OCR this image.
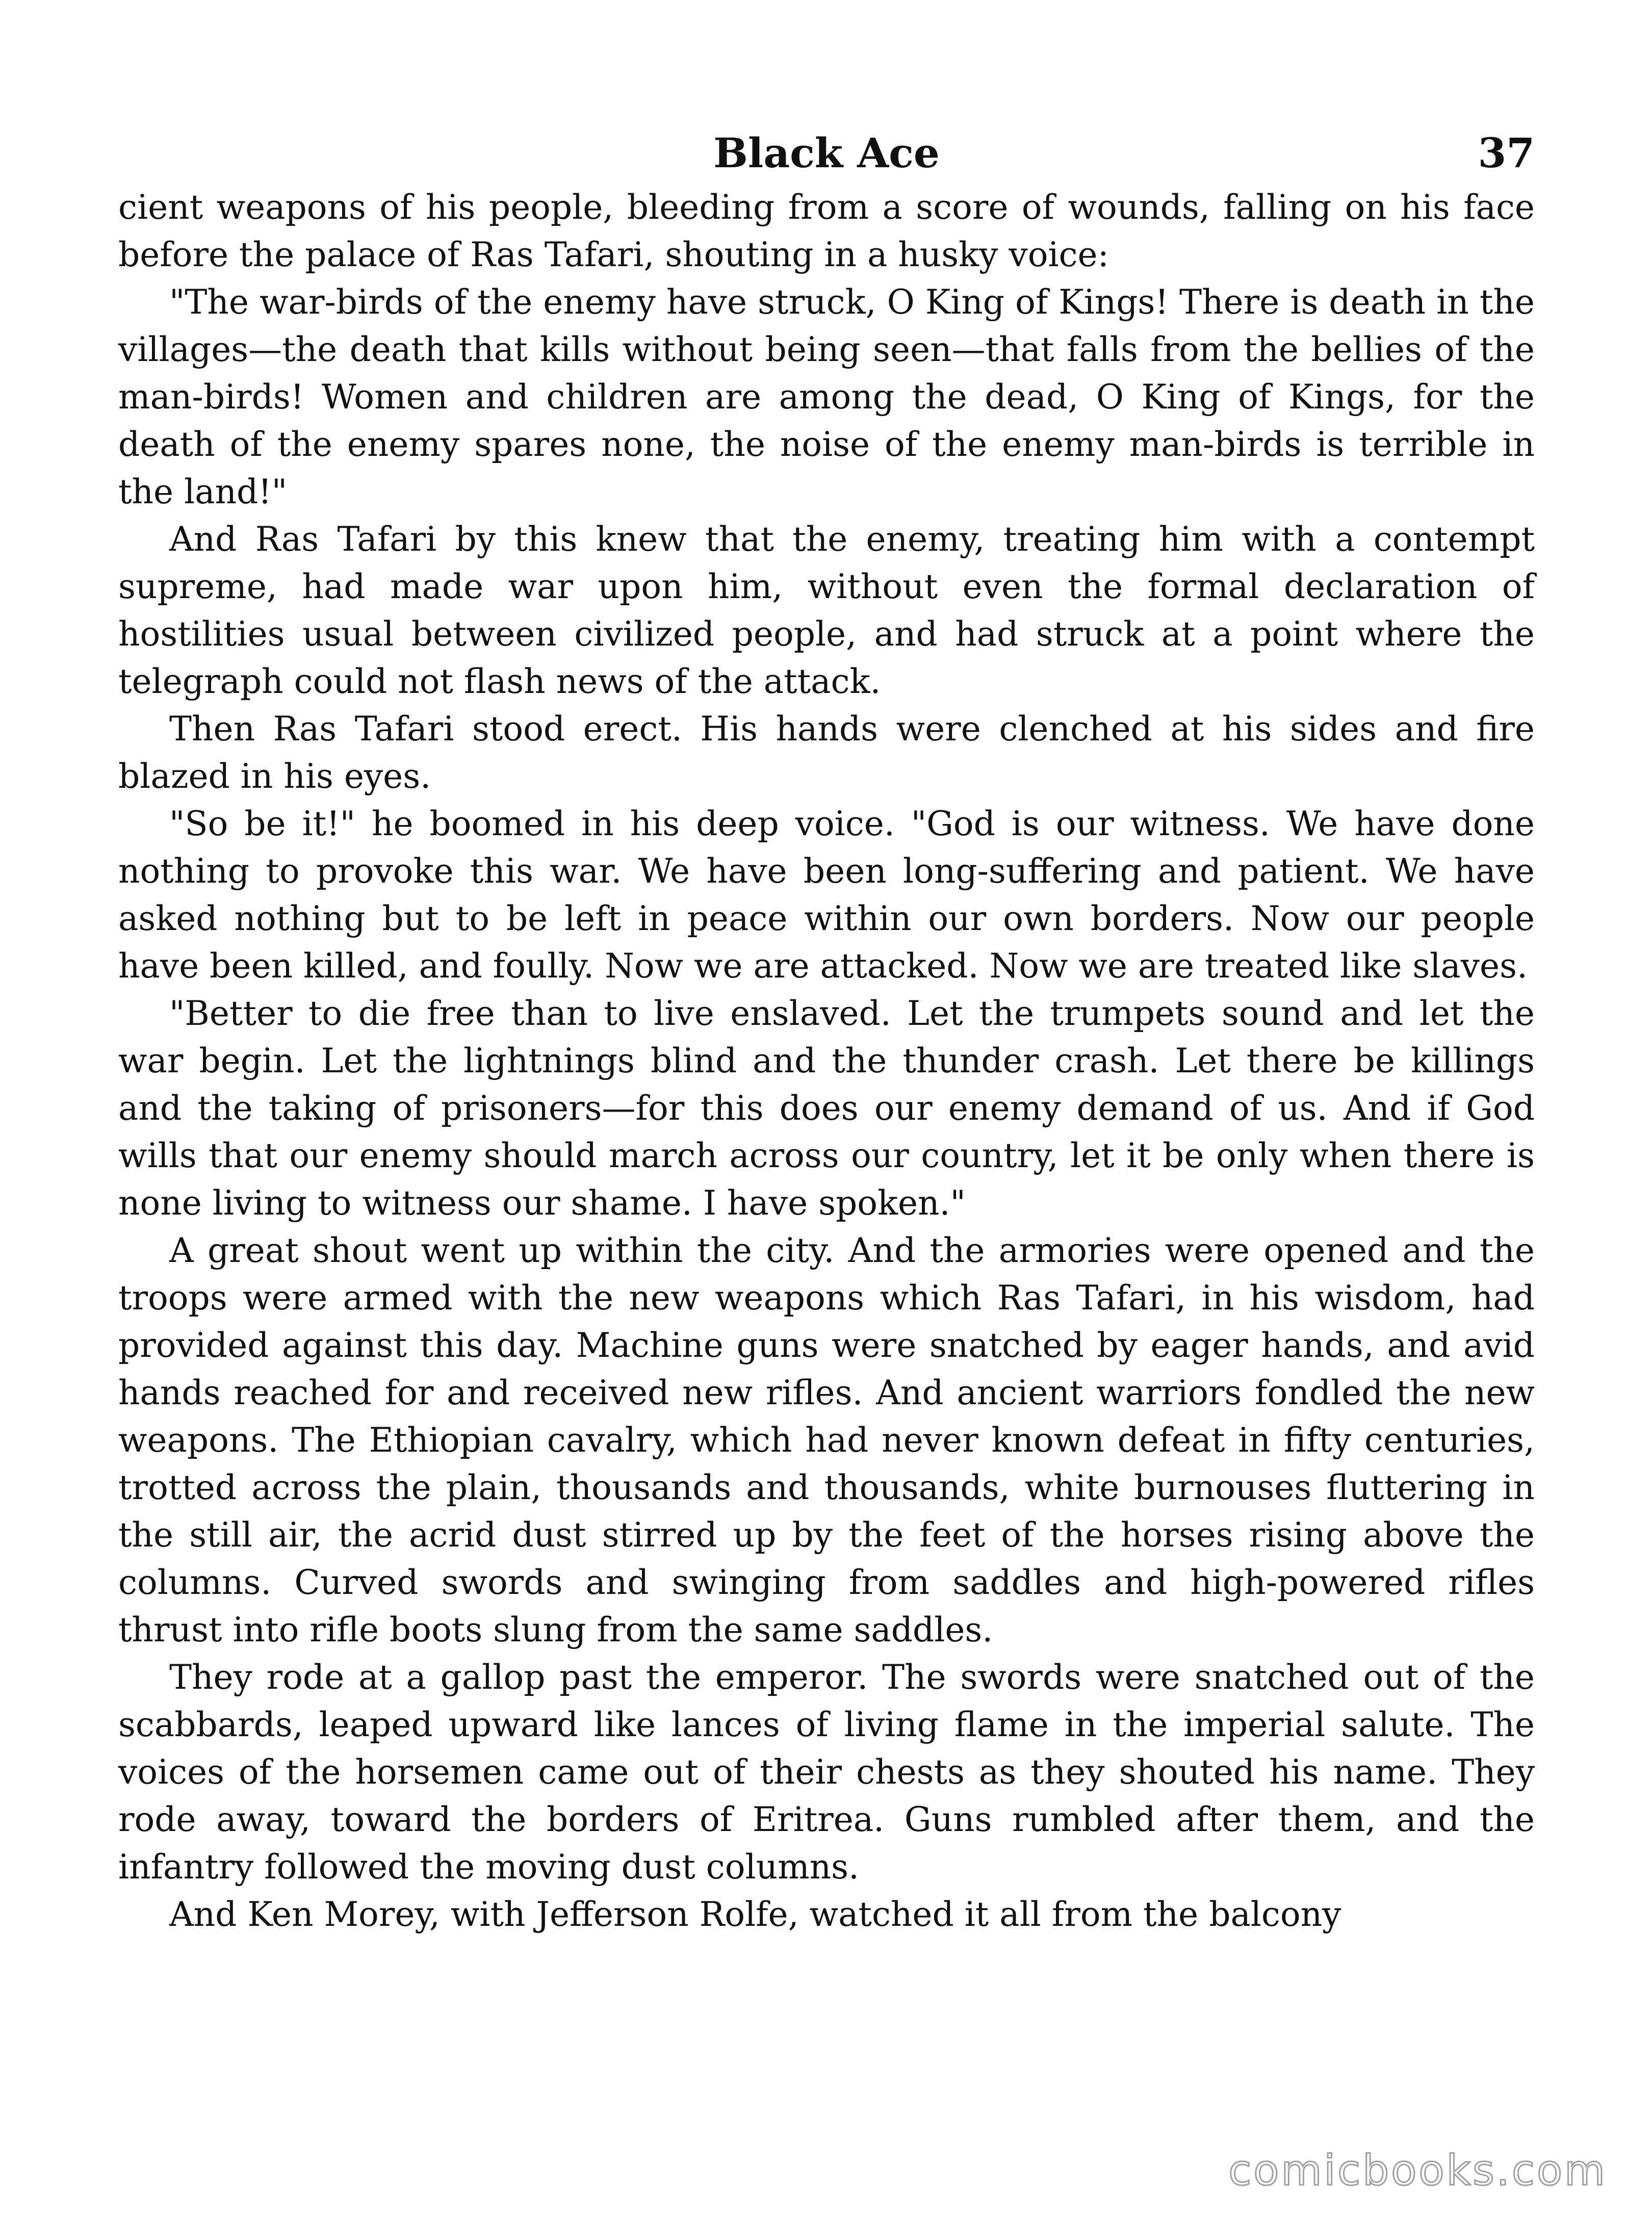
Black Ace	37

cient weapons of his people, bleeding from a score of wounds, falling on his face before the palace of Ras Tafari, shouting in a husky voice:

"The war-birds of the enemy have struck, O King of Kings! There is death in the villages—the death that kills without being seen—that falls from the bellies of the man-birds! Women and children are among the dead, O King of Kings, for the death of the enemy spares none, the noise of the enemy man-birds is terrible in the land!"

And Ras Tafari by this knew that the enemy, treating him with a contempt supreme, had made war upon him, without even the formal declaration of hostilities usual between civilized people, and had struck at a point where the telegraph could not flash news of the attack.

Then Ras Tafari stood erect. His hands were clenched at his sides and fire blazed in his eyes.

"So be it!" he boomed in his deep voice. "God is our witness. We have done nothing to provoke this war. We have been long-suffering and patient. We have asked nothing but to be left in peace within our own borders. Now our people have been killed, and foully. Now we are attacked. Now we are treated like slaves.

"Better to die free than to live enslaved. Let the trumpets sound and let the war begin. Let the lightnings blind and the thunder crash. Let there be killings and the taking of prisoners—for this does our enemy demand of us. And if God wills that our enemy should march across our country, let it be only when there is none living to witness our shame. I have spoken."

A great shout went up within the city. And the armories were opened and the troops were armed with the new weapons which Ras Tafari, in his wisdom, had provided against this day. Machine guns were snatched by eager hands, and avid hands reached for and received new rifles. And ancient warriors fondled the new weapons. The Ethiopian cavalry, which had never known defeat in fifty centuries, trotted across the plain, thousands and thousands, white burnouses fluttering in the still air, the acrid dust stirred up by the feet of the horses rising above the columns. Curved swords and swinging from saddles and high-powered rifles thrust into rifle boots slung from the same saddles.

They rode at a gallop past the emperor. The swords were snatched out of the scabbards, leaped upward like lances of living flame in the imperial salute. The voices of the horsemen came out of their chests as they shouted his name. They rode away, toward the borders of Eritrea. Guns rumbled after them, and the infantry followed the moving dust columns.

And Ken Morey, with Jefferson Rolfe, watched it all from the balcony

comicbooks.com
